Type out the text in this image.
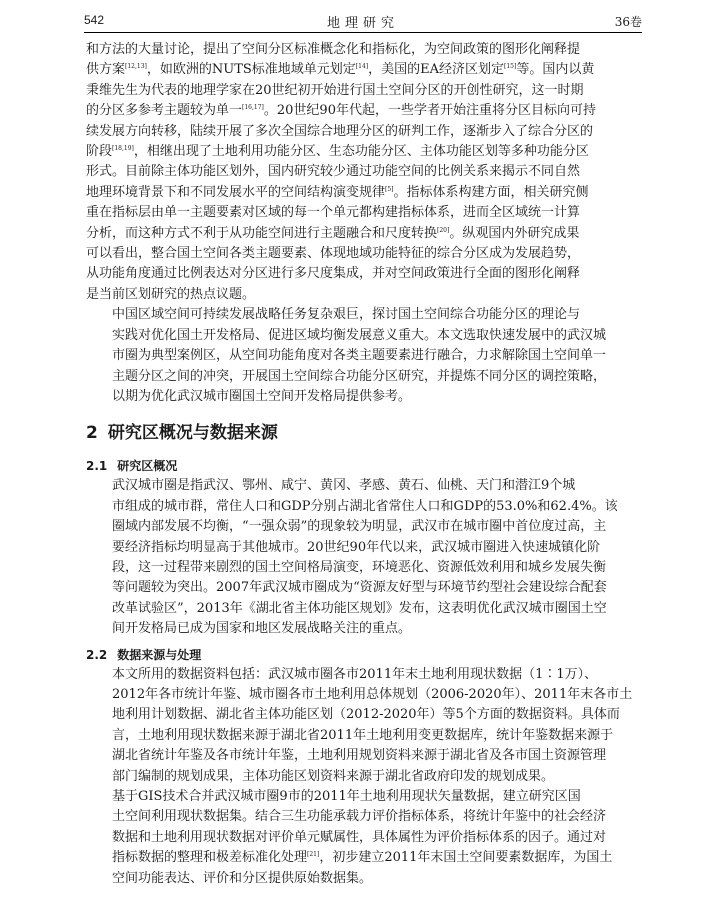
542	地理研究	36卷

和方法的大量讨论，提出了空间分区标准概念化和指标化，为空间政策的图形化阐释提
供方案[12,13]，如欧洲的NUTS标准地域单元划定[14]，美国的EA经济区划定[15]等。国内以黄
秉维先生为代表的地理学家在20世纪初开始进行国土空间分区的开创性研究，这一时期
的分区多参考主题较为单一[16,17]。20世纪90年代起，一些学者开始注重将分区目标向可持
续发展方向转移，陆续开展了多次全国综合地理分区的研判工作，逐渐步入了综合分区的
阶段[18,19]，相继出现了土地利用功能分区、生态功能分区、主体功能区划等多种功能分区
形式。目前除主体功能区划外，国内研究较少通过功能空间的比例关系来揭示不同自然
地理环境背景下和不同发展水平的空间结构演变规律[5]。指标体系构建方面，相关研究侧
重在指标层由单一主题要素对区域的每一个单元都构建指标体系，进而全区域统一计算
分析，而这种方式不利于从功能空间进行主题融合和尺度转换[20]。纵观国内外研究成果
可以看出，整合国土空间各类主题要素、体现地域功能特征的综合分区成为发展趋势，
从功能角度通过比例表达对分区进行多尺度集成，并对空间政策进行全面的图形化阐释
是当前区划研究的热点议题。

中国区域空间可持续发展战略任务复杂艰巨，探讨国土空间综合功能分区的理论与
实践对优化国土开发格局、促进区域均衡发展意义重大。本文选取快速发展中的武汉城
市圈为典型案例区，从空间功能角度对各类主题要素进行融合，力求解除国土空间单一
主题分区之间的冲突，开展国土空间综合功能分区研究，并提炼不同分区的调控策略，
以期为优化武汉城市圈国土空间开发格局提供参考。

2 研究区概况与数据来源
2.1 研究区概况

武汉城市圈是指武汉、鄂州、咸宁、黄冈、孝感、黄石、仙桃、天门和潜江9个城
市组成的城市群，常住人口和GDP分别占湖北省常住人口和GDP的53.0%和62.4%。该
圈域内部发展不均衡，“一强众弱”的现象较为明显，武汉市在城市圈中首位度过高，主
要经济指标均明显高于其他城市。20世纪90年代以来，武汉城市圈进入快速城镇化阶
段，这一过程带来剧烈的国土空间格局演变，环境恶化、资源低效利用和城乡发展失衡
等问题较为突出。2007年武汉城市圈成为“资源友好型与环境节约型社会建设综合配套
改革试验区”，2013年《湖北省主体功能区规划》发布，这表明优化武汉城市圈国土空
间开发格局已成为国家和地区发展战略关注的重点。

2.2 数据来源与处理

本文所用的数据资料包括：武汉城市圈各市2011年末土地利用现状数据（1∶1万）、
2012年各市统计年鉴、城市圈各市土地利用总体规划（2006-2020年）、2011年末各市土
地利用计划数据、湖北省主体功能区划（2012-2020年）等5个方面的数据资料。具体而
言，土地利用现状数据来源于湖北省2011年土地利用变更数据库，统计年鉴数据来源于
湖北省统计年鉴及各市统计年鉴，土地利用规划资料来源于湖北省及各市国土资源管理
部门编制的规划成果，主体功能区划资料来源于湖北省政府印发的规划成果。

基于GIS技术合并武汉城市圈9市的2011年土地利用现状矢量数据，建立研究区国
土空间利用现状数据集。结合三生功能承载力评价指标体系，将统计年鉴中的社会经济
数据和土地利用现状数据对评价单元赋属性，具体属性为评价指标体系的因子。通过对
指标数据的整理和极差标准化处理[21]，初步建立2011年末国土空间要素数据库，为国土
空间功能表达、评价和分区提供原始数据集。
